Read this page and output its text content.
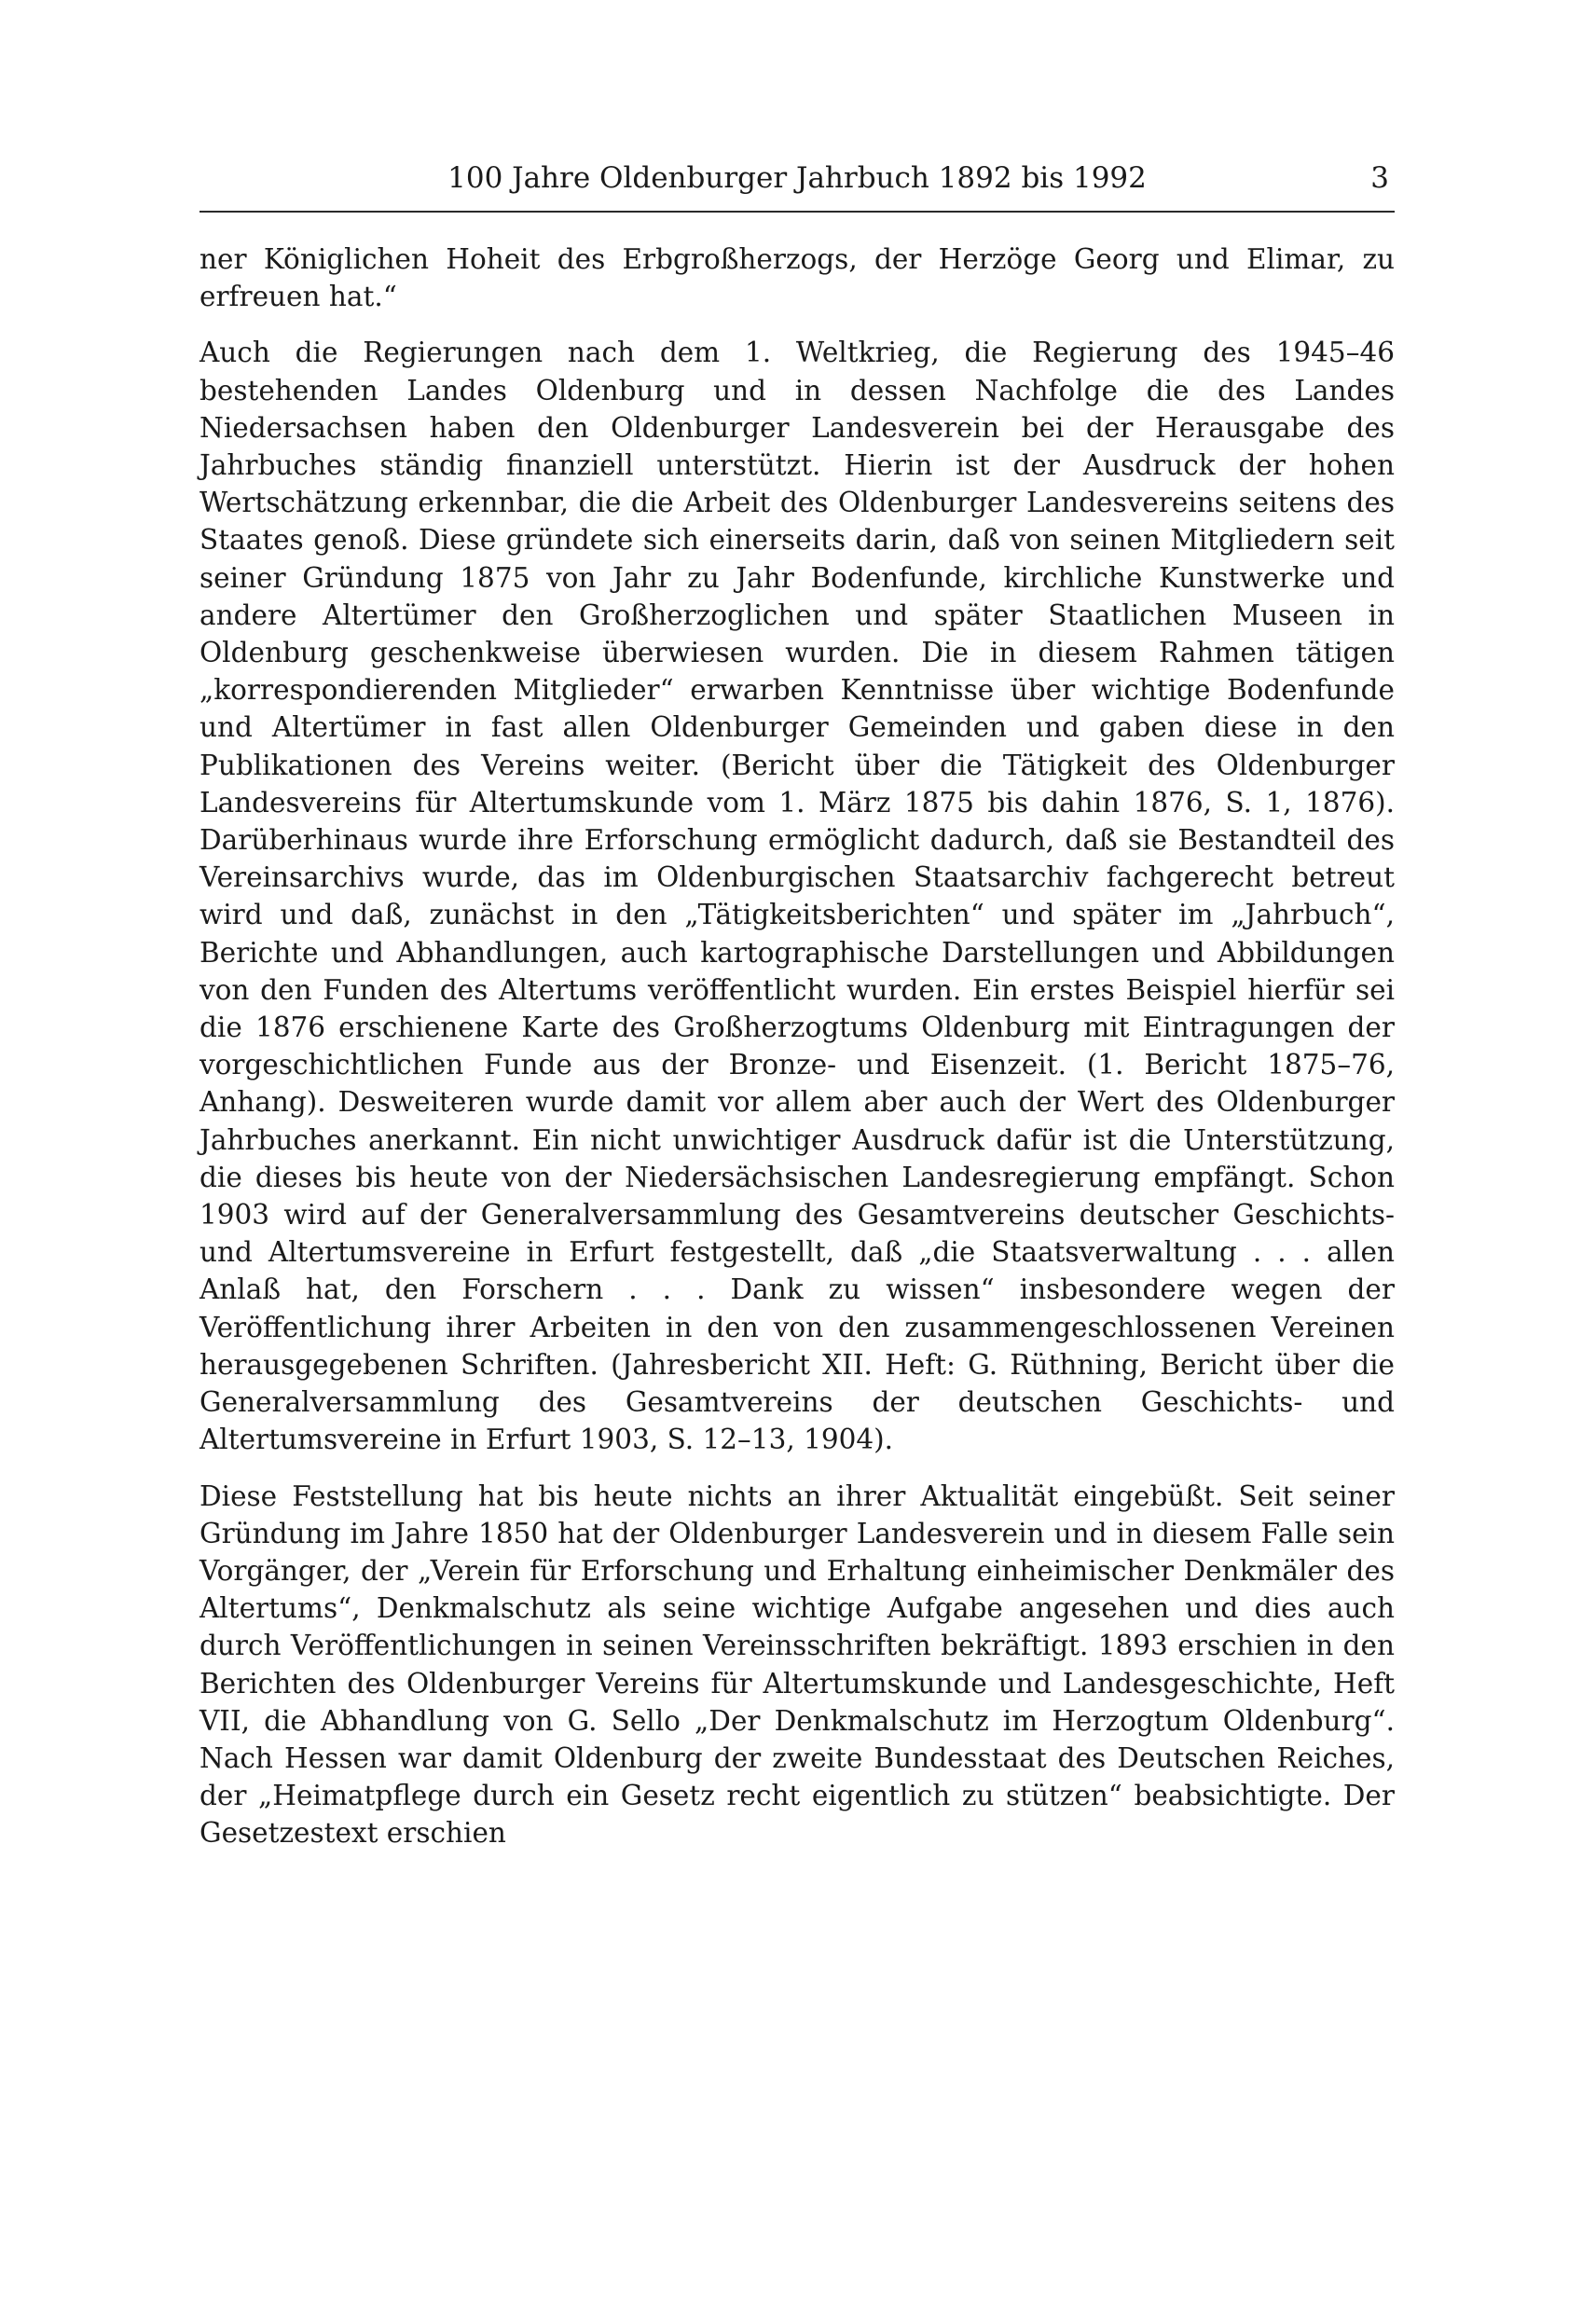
100 Jahre Oldenburger Jahrbuch 1892 bis 1992	3

ner Königlichen Hoheit des Erbgroßherzogs, der Herzöge Georg und Elimar, zu erfreuen hat.“

Auch die Regierungen nach dem 1. Weltkrieg, die Regierung des 1945–46 bestehenden Landes Oldenburg und in dessen Nachfolge die des Landes Niedersachsen haben den Oldenburger Landesverein bei der Herausgabe des Jahrbuches ständig finanziell unterstützt. Hierin ist der Ausdruck der hohen Wertschätzung erkennbar, die die Arbeit des Oldenburger Landesvereins seitens des Staates genoß. Diese gründete sich einerseits darin, daß von seinen Mitgliedern seit seiner Gründung 1875 von Jahr zu Jahr Bodenfunde, kirchliche Kunstwerke und andere Altertümer den Großherzoglichen und später Staatlichen Museen in Oldenburg geschenkweise überwiesen wurden. Die in diesem Rahmen tätigen „korrespondierenden Mitglieder“ erwarben Kenntnisse über wichtige Bodenfunde und Altertümer in fast allen Oldenburger Gemeinden und gaben diese in den Publikationen des Vereins weiter. (Bericht über die Tätigkeit des Oldenburger Landesvereins für Altertumskunde vom 1. März 1875 bis dahin 1876, S. 1, 1876). Darüberhinaus wurde ihre Erforschung ermöglicht dadurch, daß sie Bestandteil des Vereinsarchivs wurde, das im Oldenburgischen Staatsarchiv fachgerecht betreut wird und daß, zunächst in den „Tätigkeitsberichten“ und später im „Jahrbuch“, Berichte und Abhandlungen, auch kartographische Darstellungen und Abbildungen von den Funden des Altertums veröffentlicht wurden. Ein erstes Beispiel hierfür sei die 1876 erschienene Karte des Großherzogtums Oldenburg mit Eintragungen der vorgeschichtlichen Funde aus der Bronze- und Eisenzeit. (1. Bericht 1875–76, Anhang). Desweiteren wurde damit vor allem aber auch der Wert des Oldenburger Jahrbuches anerkannt. Ein nicht unwichtiger Ausdruck dafür ist die Unterstützung, die dieses bis heute von der Niedersächsischen Landesregierung empfängt. Schon 1903 wird auf der Generalversammlung des Gesamtvereins deutscher Geschichts- und Altertumsvereine in Erfurt festgestellt, daß „die Staatsverwaltung . . . allen Anlaß hat, den Forschern . . . Dank zu wissen“ insbesondere wegen der Veröffentlichung ihrer Arbeiten in den von den zusammengeschlossenen Vereinen herausgegebenen Schriften. (Jahresbericht XII. Heft: G. Rüthning, Bericht über die Generalversammlung des Gesamtvereins der deutschen Geschichts- und Altertumsvereine in Erfurt 1903, S. 12–13, 1904).

Diese Feststellung hat bis heute nichts an ihrer Aktualität eingebüßt. Seit seiner Gründung im Jahre 1850 hat der Oldenburger Landesverein und in diesem Falle sein Vorgänger, der „Verein für Erforschung und Erhaltung einheimischer Denkmäler des Altertums“, Denkmalschutz als seine wichtige Aufgabe angesehen und dies auch durch Veröffentlichungen in seinen Vereinsschriften bekräftigt. 1893 erschien in den Berichten des Oldenburger Vereins für Altertumskunde und Landesgeschichte, Heft VII, die Abhandlung von G. Sello „Der Denkmalschutz im Herzogtum Oldenburg“. Nach Hessen war damit Oldenburg der zweite Bundesstaat des Deutschen Reiches, der „Heimatpflege durch ein Gesetz recht eigentlich zu stützen“ beabsichtigte. Der Gesetzestext erschien
